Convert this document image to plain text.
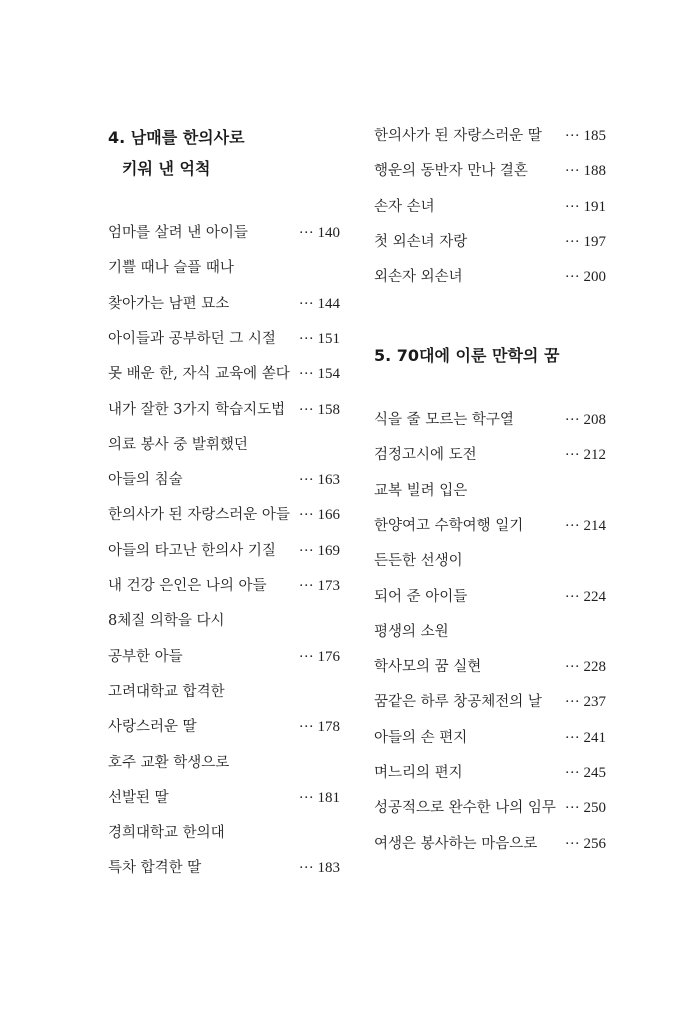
4. 남매를 한의사로
키워 낸 억척
엄마를 살려 낸 아이들	··· 140
기쁠 때나 슬플 때나
찾아가는 남편 묘소	··· 144
아이들과 공부하던 그 시절 ··· 151
못 배운 한, 자식 교육에 쏟다 ··· 154
내가 잘한 3가지 학습지도법 ··· 158
의료 봉사 중 발휘했던
아들의 침술	··· 163
한의사가 된 자랑스러운 아들 ··· 166
아들의 타고난 한의사 기질 ··· 169
내 건강 은인은 나의 아들 ··· 173
8체질 의학을 다시
공부한 아들	··· 176
고려대학교 합격한
사랑스러운 딸	··· 178
호주 교환 학생으로
선발된 딸	··· 181
경희대학교 한의대
특차 합격한 딸	··· 183
한의사가 된 자랑스러운 딸 ··· 185
행운의 동반자 만나 결혼 ··· 188
손자 손녀	··· 191
첫 외손녀 자랑	··· 197
외손자 외손녀	··· 200
5. 70대에 이룬 만학의 꿈
식을 줄 모르는 학구열	··· 208
검정고시에 도전	··· 212
교복 빌려 입은
한양여고 수학여행 일기	··· 214
든든한 선생이
되어 준 아이들	··· 224
평생의 소원
학사모의 꿈 실현	··· 228
꿈같은 하루 창공체전의 날 ··· 237
아들의 손 편지	··· 241
며느리의 편지	··· 245
성공적으로 완수한 나의 임무 ··· 250
여생은 봉사하는 마음으로 ··· 256
